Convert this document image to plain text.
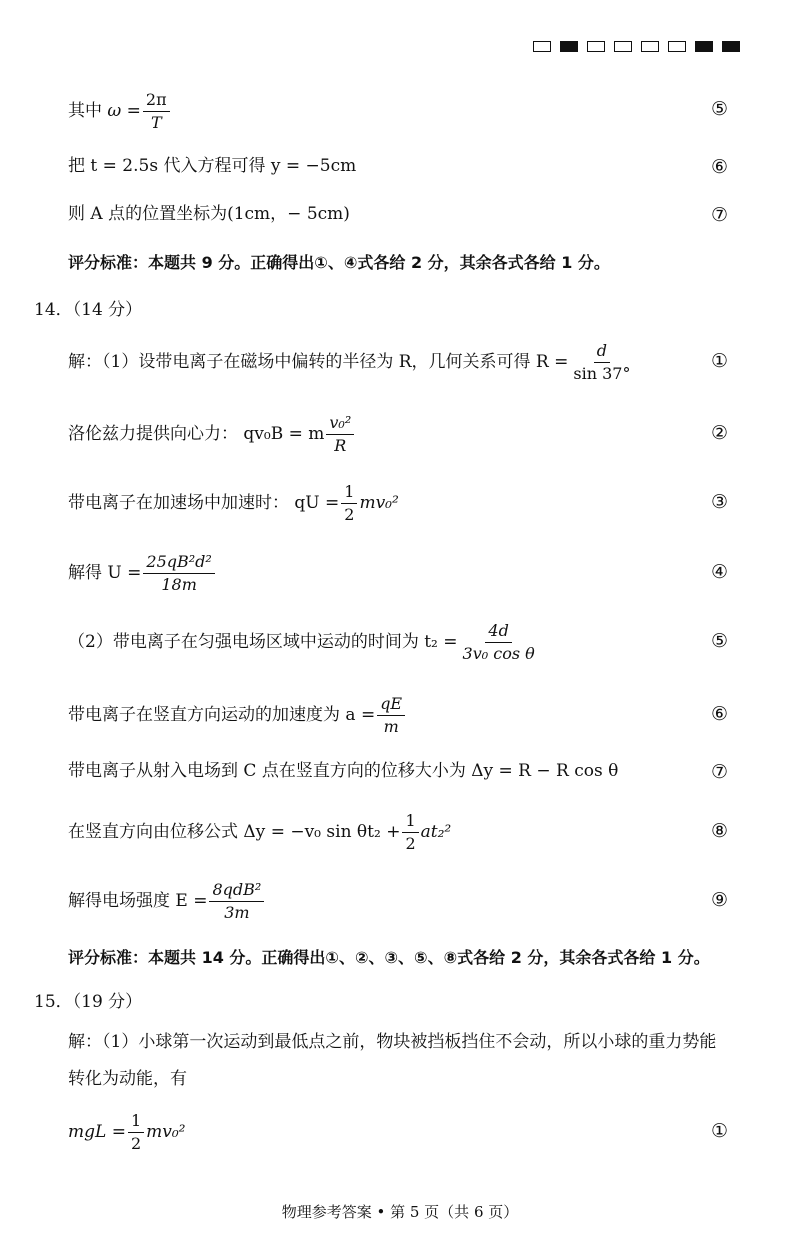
其中
$\omega = \frac{2\pi}{T}$	⑤
把 t = 2.5s 代入方程可得 y = −5cm	⑥
则 A 点的位置坐标为(1cm，− 5cm)	⑦
评分标准：本题共 9 分。正确得出①、④式各给 2 分，其余各式各给 1 分。
14．（14 分）
解：（1）设带电离子在磁场中偏转的半径为 R，几何关系可得 $R = \frac{d}{\sin 37^\circ}$	①
洛伦兹力提供向心力： qv₀B = m $\frac{\text{v₀²}}{R}$	②
带电离子在加速场中加速时： qU = $\frac{1}{2} mv_0^2$	③
解得 $U = \frac{\text{25qB²d²}}{18m}$	④
（2）带电离子在匀强电场区域中运动的时间为 $t_2 = \frac{4d}{\text{3v₀ cos θ}}$	⑤
带电离子在竖直方向运动的加速度为 $a = \frac{qE}{m}$	⑥
带电离子从射入电场到 C 点在竖直方向的位移大小为 Δy = R − R cos θ	⑦
在竖直方向由位移公式 Δy = −v₀ $\sin \theta t_2 + \frac{1}{2} at_2^2$	⑧
解得电场强度 $E = \frac{\text{8qdB²}}{3m}$	⑨
评分标准：本题共 14 分。正确得出①、②、③、⑤、⑧式各给 2 分，其余各式各给 1 分。
15．（19 分）
解：（1）小球第一次运动到最低点之前，物块被挡板挡住不会动，所以小球的重力势能
转化为动能，有
mgL = $\frac{1}{2} mv_0^2$	①
物理参考答案 • 第 5 页（共 6 页）
